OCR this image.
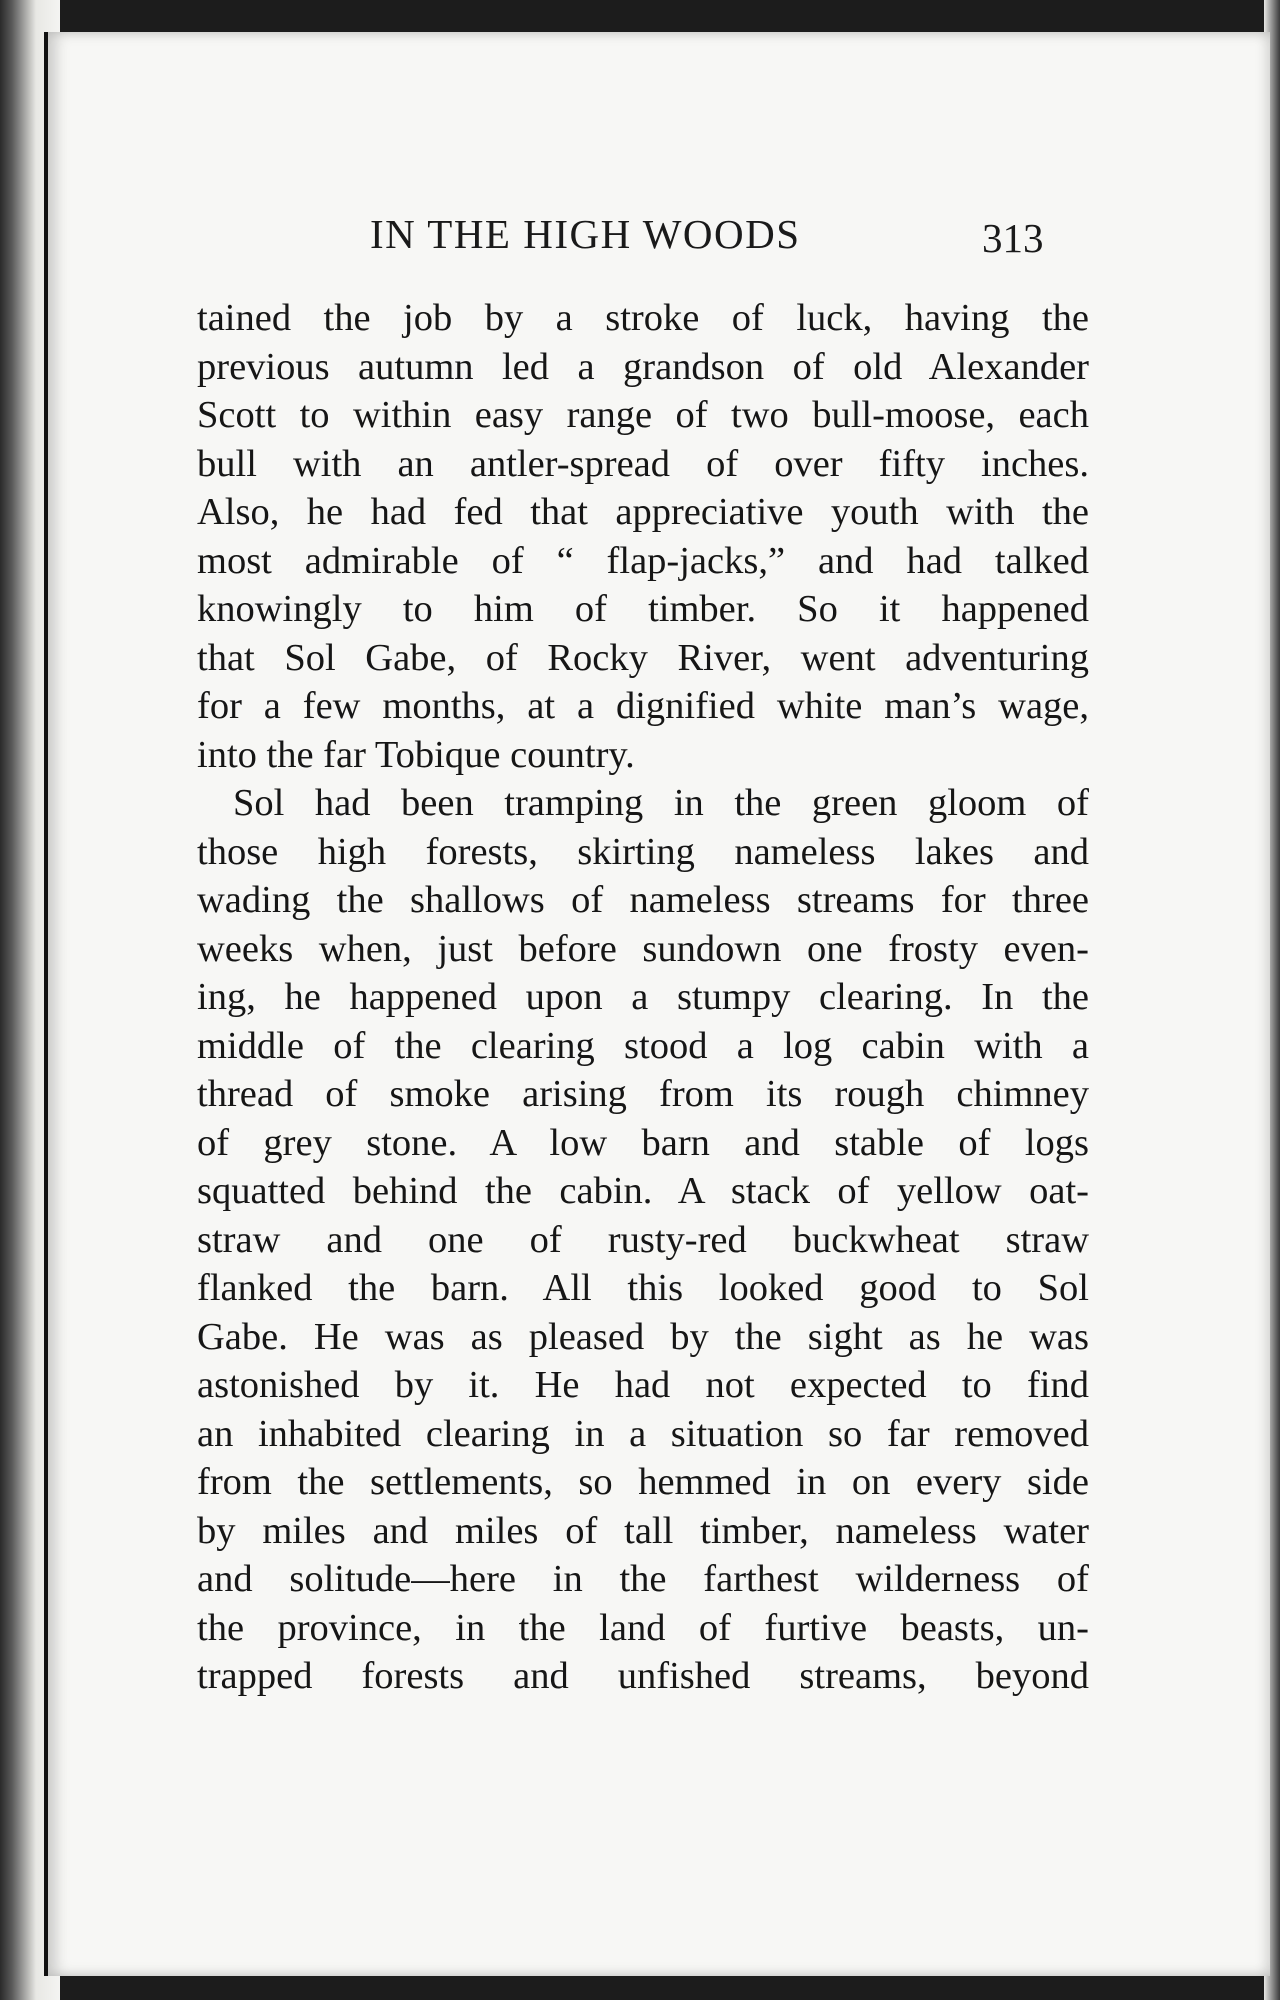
IN THE HIGH WOODS	313
tained the job by a stroke of luck, having the
previous autumn led a grandson of old Alexander
Scott to within easy range of two bull-moose, each
bull with an antler-spread of over fifty inches.
Also, he had fed that appreciative youth with the
most admirable of “ flap-jacks,” and had talked
knowingly to him of timber. So it happened
that Sol Gabe, of Rocky River, went adventuring
for a few months, at a dignified white man’s wage,
into the far Tobique country.
Sol had been tramping in the green gloom of
those high forests, skirting nameless lakes and
wading the shallows of nameless streams for three
weeks when, just before sundown one frosty even-
ing, he happened upon a stumpy clearing. In the
middle of the clearing stood a log cabin with a
thread of smoke arising from its rough chimney
of grey stone. A low barn and stable of logs
squatted behind the cabin. A stack of yellow oat-
straw and one of rusty-red buckwheat straw
flanked the barn. All this looked good to Sol
Gabe. He was as pleased by the sight as he was
astonished by it. He had not expected to find
an inhabited clearing in a situation so far removed
from the settlements, so hemmed in on every side
by miles and miles of tall timber, nameless water
and solitude—here in the farthest wilderness of
the province, in the land of furtive beasts, un-
trapped forests and unfished streams, beyond
